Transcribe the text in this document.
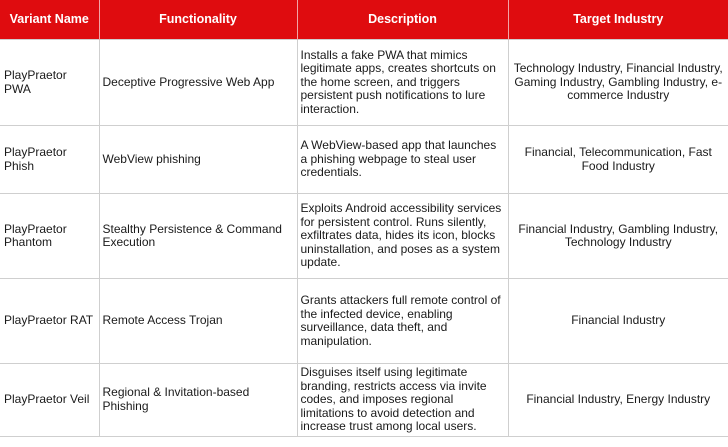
Variant Name	Functionality	Description	Target Industry
PlayPraetor PWA	Deceptive Progressive Web App	Installs a fake PWA that mimics legitimate apps, creates shortcuts on the home screen, and triggers persistent push notifications to lure interaction.	Technology Industry, Financial Industry, Gaming Industry, Gambling Industry, e-commerce Industry
PlayPraetor Phish	WebView phishing	A WebView-based app that launches a phishing webpage to steal user credentials.	Financial, Telecommunication, Fast Food Industry
PlayPraetor Phantom	Stealthy Persistence & Command Execution	Exploits Android accessibility services for persistent control. Runs silently, exfiltrates data, hides its icon, blocks uninstallation, and poses as a system update.	Financial Industry, Gambling Industry, Technology Industry
PlayPraetor RAT	Remote Access Trojan	Grants attackers full remote control of the infected device, enabling surveillance, data theft, and manipulation.	Financial Industry
PlayPraetor Veil	Regional & Invitation-based Phishing	Disguises itself using legitimate branding, restricts access via invite codes, and imposes regional limitations to avoid detection and increase trust among local users.	Financial Industry, Energy Industry
